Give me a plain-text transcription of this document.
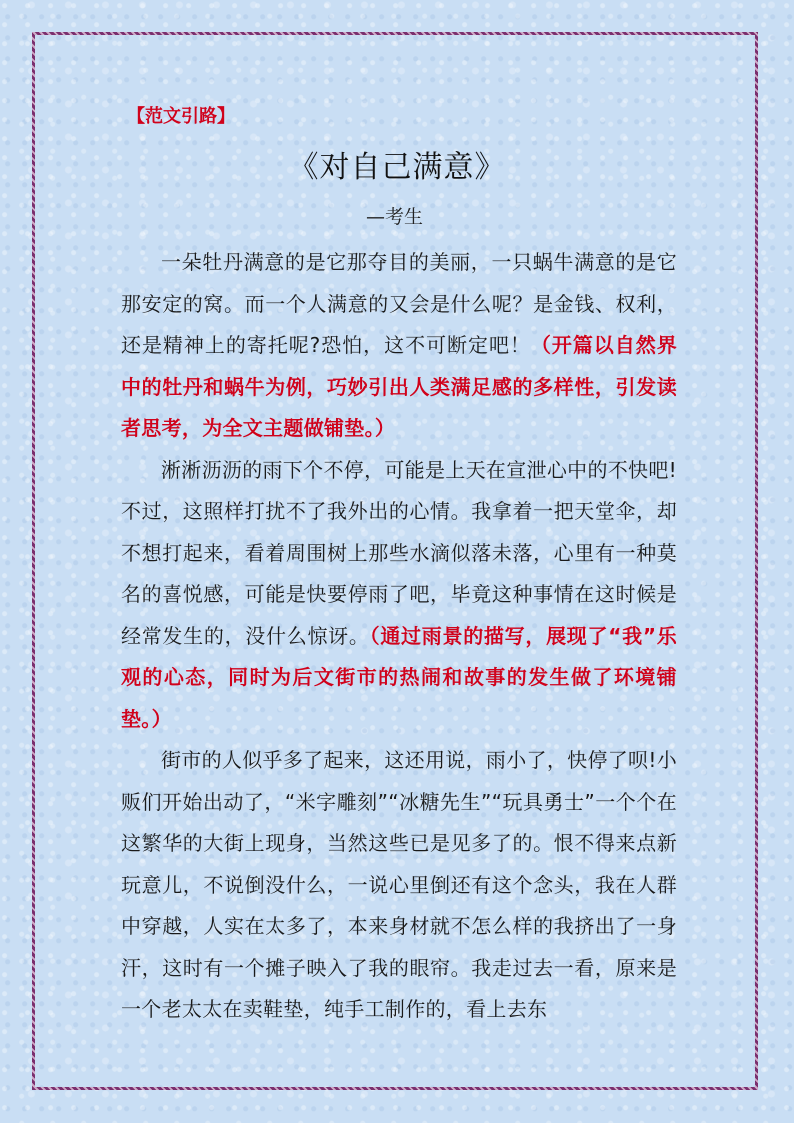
【范文引路】

《对自己满意》

—考生

一朵牡丹满意的是它那夺目的美丽，一只蜗牛满意的是它那安定的窝。而一个人满意的又会是什么呢？是金钱、权利，还是精神上的寄托呢?恐怕，这不可断定吧！（开篇以自然界中的牡丹和蜗牛为例，巧妙引出人类满足感的多样性，引发读者思考，为全文主题做铺垫。）

淅淅沥沥的雨下个不停，可能是上天在宣泄心中的不快吧!不过，这照样打扰不了我外出的心情。我拿着一把天堂伞，却不想打起来，看着周围树上那些水滴似落未落，心里有一种莫名的喜悦感，可能是快要停雨了吧，毕竟这种事情在这时候是经常发生的，没什么惊讶。（通过雨景的描写，展现了“我”乐观的心态，同时为后文街市的热闹和故事的发生做了环境铺垫。）

街市的人似乎多了起来，这还用说，雨小了，快停了呗!小贩们开始出动了，“米字雕刻”“冰糖先生”“玩具勇士”一个个在这繁华的大街上现身，当然这些已是见多了的。恨不得来点新玩意儿，不说倒没什么，一说心里倒还有这个念头，我在人群中穿越，人实在太多了，本来身材就不怎么样的我挤出了一身汗，这时有一个摊子映入了我的眼帘。我走过去一看，原来是一个老太太在卖鞋垫，纯手工制作的，看上去东
